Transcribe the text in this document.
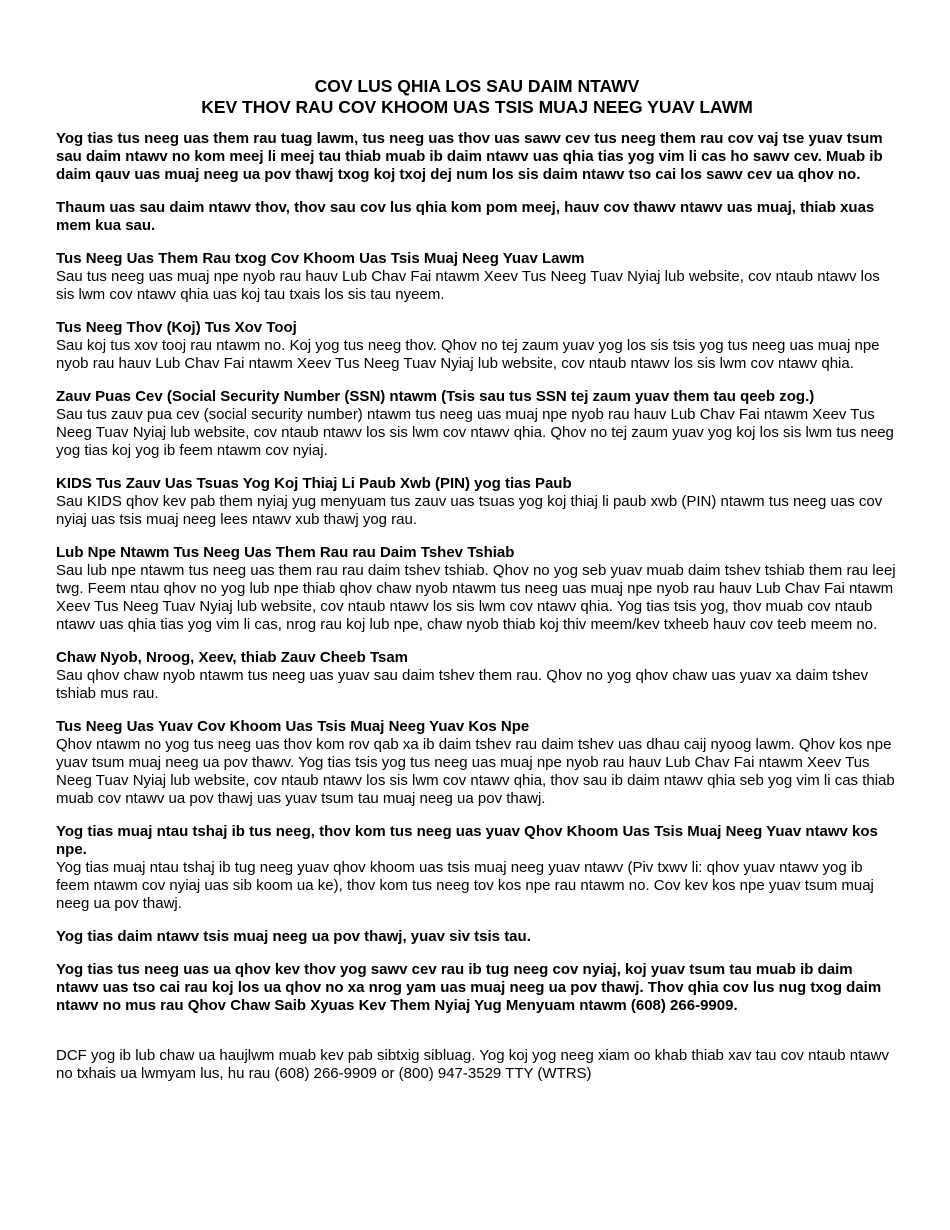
COV LUS QHIA LOS SAU DAIM NTAWV
KEV THOV RAU COV KHOOM UAS TSIS MUAJ NEEG YUAV LAWM

Yog tias tus neeg uas them rau tuag lawm, tus neeg uas thov uas sawv cev tus neeg them rau cov vaj tse yuav tsum sau daim ntawv no kom meej li meej tau thiab muab ib daim ntawv uas qhia tias yog vim li cas ho sawv cev. Muab ib daim qauv uas muaj neeg ua pov thawj txog koj txoj dej num los sis daim ntawv tso cai los sawv cev ua qhov no.

Thaum uas sau daim ntawv thov, thov sau cov lus qhia kom pom meej, hauv cov thawv ntawv uas muaj, thiab xuas mem kua sau.

Tus Neeg Uas Them Rau txog Cov Khoom Uas Tsis Muaj Neeg Yuav Lawm

Sau tus neeg uas muaj npe nyob rau hauv Lub Chav Fai ntawm Xeev Tus Neeg Tuav Nyiaj lub website, cov ntaub ntawv los sis lwm cov ntawv qhia uas koj tau txais los sis tau nyeem.

Tus Neeg Thov (Koj) Tus Xov Tooj

Sau koj tus xov tooj rau ntawm no. Koj yog tus neeg thov. Qhov no tej zaum yuav yog los sis tsis yog tus neeg uas muaj npe nyob rau hauv Lub Chav Fai ntawm Xeev Tus Neeg Tuav Nyiaj lub website, cov ntaub ntawv los sis lwm cov ntawv qhia.

Zauv Puas Cev (Social Security Number (SSN) ntawm (Tsis sau tus SSN tej zaum yuav them tau qeeb zog.)

Sau tus zauv pua cev (social security number) ntawm tus neeg uas muaj npe nyob rau hauv Lub Chav Fai ntawm Xeev Tus Neeg Tuav Nyiaj lub website, cov ntaub ntawv los sis lwm cov ntawv qhia. Qhov no tej zaum yuav yog koj los sis lwm tus neeg yog tias koj yog ib feem ntawm cov nyiaj.

KIDS Tus Zauv Uas Tsuas Yog Koj Thiaj Li Paub Xwb (PIN) yog tias Paub

Sau KIDS qhov kev pab them nyiaj yug menyuam tus zauv uas tsuas yog koj thiaj li paub xwb (PIN) ntawm tus neeg uas cov nyiaj uas tsis muaj neeg lees ntawv xub thawj yog rau.

Lub Npe Ntawm Tus Neeg Uas Them Rau rau Daim Tshev Tshiab

Sau lub npe ntawm tus neeg uas them rau rau daim tshev tshiab. Qhov no yog seb yuav muab daim tshev tshiab them rau leej twg. Feem ntau qhov no yog lub npe thiab qhov chaw nyob ntawm tus neeg uas muaj npe nyob rau hauv Lub Chav Fai ntawm Xeev Tus Neeg Tuav Nyiaj lub website, cov ntaub ntawv los sis lwm cov ntawv qhia. Yog tias tsis yog, thov muab cov ntaub ntawv uas qhia tias yog vim li cas, nrog rau koj lub npe, chaw nyob thiab koj thiv meem/kev txheeb hauv cov teeb meem no.

Chaw Nyob, Nroog, Xeev, thiab Zauv Cheeb Tsam

Sau qhov chaw nyob ntawm tus neeg uas yuav sau daim tshev them rau. Qhov no yog qhov chaw uas yuav xa daim tshev tshiab mus rau.

Tus Neeg Uas Yuav Cov Khoom Uas Tsis Muaj Neeg Yuav Kos Npe

Qhov ntawm no yog tus neeg uas thov kom rov qab xa ib daim tshev rau daim tshev uas dhau caij nyoog lawm. Qhov kos npe yuav tsum muaj neeg ua pov thawv. Yog tias tsis yog tus neeg uas muaj npe nyob rau hauv Lub Chav Fai ntawm Xeev Tus Neeg Tuav Nyiaj lub website, cov ntaub ntawv los sis lwm cov ntawv qhia, thov sau ib daim ntawv qhia seb yog vim li cas thiab muab cov ntawv ua pov thawj uas yuav tsum tau muaj neeg ua pov thawj.

Yog tias muaj ntau tshaj ib tus neeg, thov kom tus neeg uas yuav Qhov Khoom Uas Tsis Muaj Neeg Yuav ntawv kos npe.

Yog tias muaj ntau tshaj ib tug neeg yuav qhov khoom uas tsis muaj neeg yuav ntawv (Piv txwv li: qhov yuav ntawv yog ib feem ntawm cov nyiaj uas sib koom ua ke), thov kom tus neeg tov kos npe rau ntawm no. Cov kev kos npe yuav tsum muaj neeg ua pov thawj.

Yog tias daim ntawv tsis muaj neeg ua pov thawj, yuav siv tsis tau.

Yog tias tus neeg uas ua qhov kev thov yog sawv cev rau ib tug neeg cov nyiaj, koj yuav tsum tau muab ib daim ntawv uas tso cai rau koj los ua qhov no xa nrog yam uas muaj neeg ua pov thawj. Thov qhia cov lus nug txog daim ntawv no mus rau Qhov Chaw Saib Xyuas Kev Them Nyiaj Yug Menyuam ntawm (608) 266-9909.

DCF yog ib lub chaw ua haujlwm muab kev pab sibtxig sibluag. Yog koj yog neeg xiam oo khab thiab xav tau cov ntaub ntawv no txhais ua lwmyam lus, hu rau (608) 266-9909 or (800) 947-3529 TTY (WTRS)
